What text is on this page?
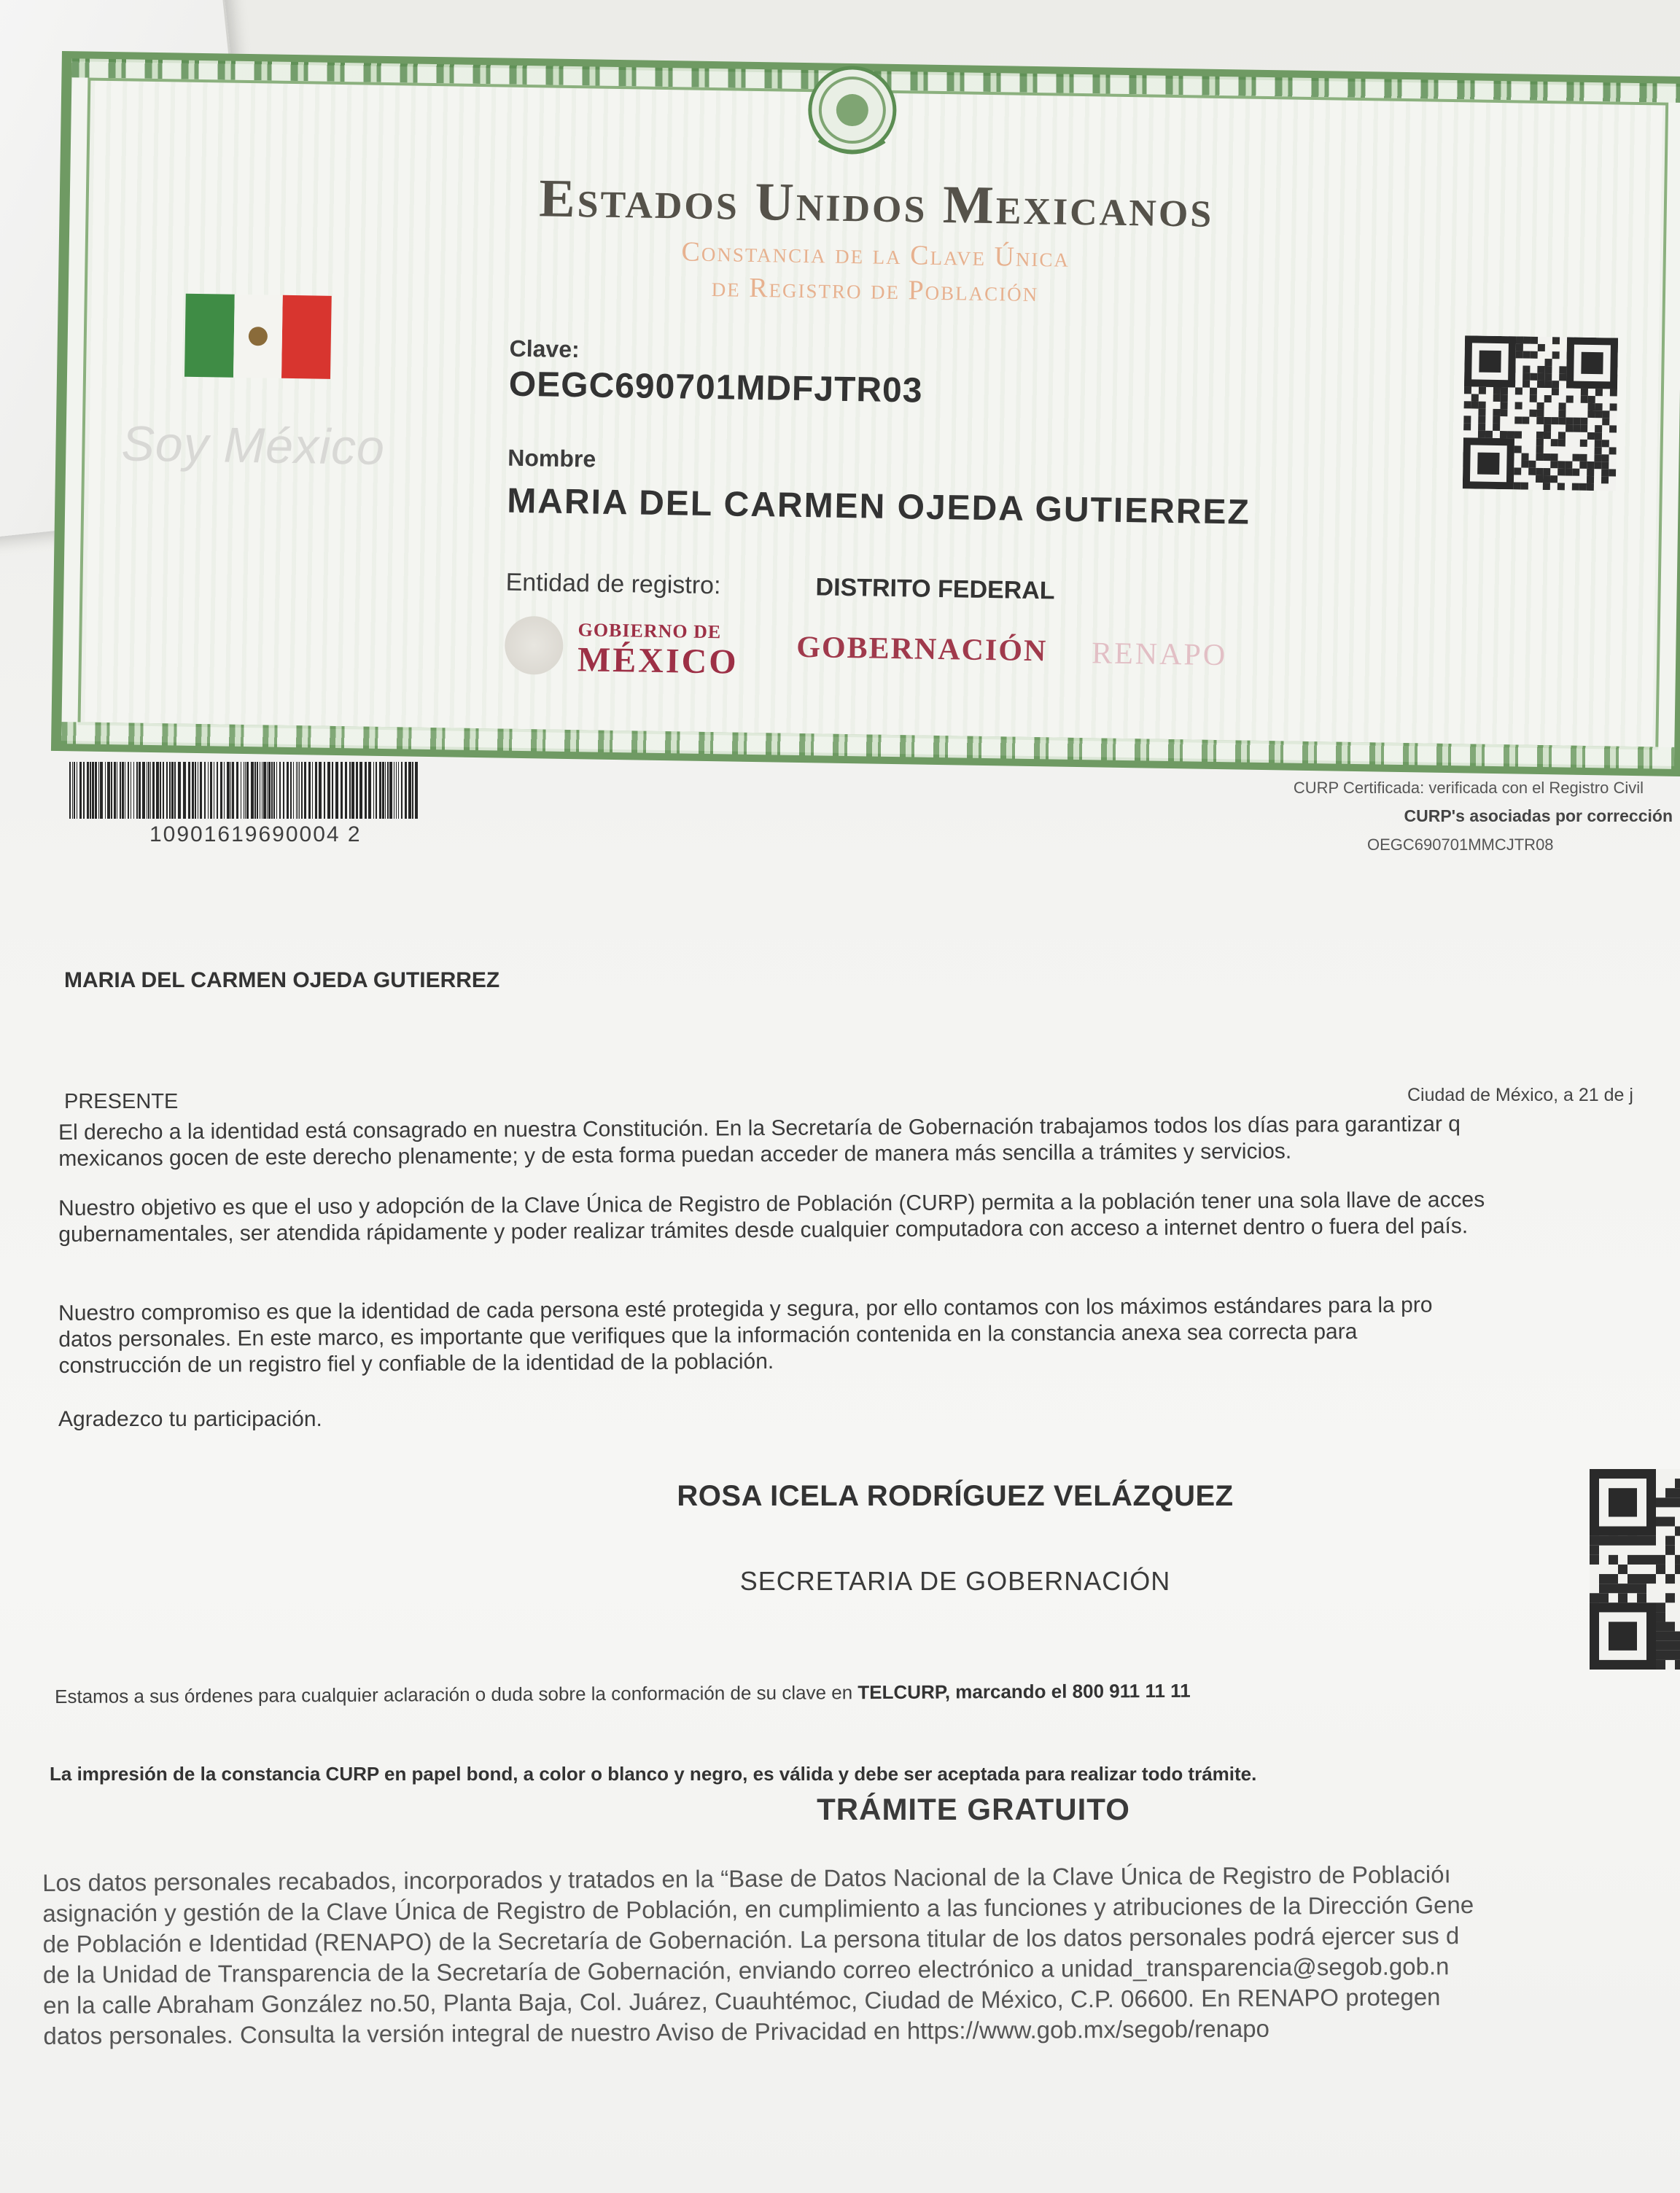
Estados Unidos Mexicanos
Constancia de la Clave Única
de Registro de Población
Soy México
Clave:
OEGC690701MDFJTR03
Nombre
MARIA DEL CARMEN OJEDA GUTIERREZ
Entidad de registro:	DISTRITO FEDERAL
GOBIERNO DE
MÉXICO GOBERNACIÓN RENAPO
10901619690004 2
CURP Certificada: verificada con el Registro Civil
CURP's asociadas por corrección
OEGC690701MMCJTR08
MARIA DEL CARMEN OJEDA GUTIERREZ
PRESENTE	Ciudad de México, a 21 de j
El derecho a la identidad está consagrado en nuestra Constitución. En la Secretaría de Gobernación trabajamos todos los días para garantizar q
mexicanos gocen de este derecho plenamente; y de esta forma puedan acceder de manera más sencilla a trámites y servicios.
Nuestro objetivo es que el uso y adopción de la Clave Única de Registro de Población (CURP) permita a la población tener una sola llave de acces
gubernamentales, ser atendida rápidamente y poder realizar trámites desde cualquier computadora con acceso a internet dentro o fuera del país.
Nuestro compromiso es que la identidad de cada persona esté protegida y segura, por ello contamos con los máximos estándares para la pro
datos personales. En este marco, es importante que verifiques que la información contenida en la constancia anexa sea correcta para
construcción de un registro fiel y confiable de la identidad de la población.
Agradezco tu participación.
ROSA ICELA RODRÍGUEZ VELÁZQUEZ
SECRETARIA DE GOBERNACIÓN
Estamos a sus órdenes para cualquier aclaración o duda sobre la conformación de su clave en TELCURP, marcando el 800 911 11 11
La impresión de la constancia CURP en papel bond, a color o blanco y negro, es válida y debe ser aceptada para realizar todo trámite.
TRÁMITE GRATUITO
Los datos personales recabados, incorporados y tratados en la “Base de Datos Nacional de la Clave Única de Registro de Poblacióı
asignación y gestión de la Clave Única de Registro de Población, en cumplimiento a las funciones y atribuciones de la Dirección Gene
de Población e Identidad (RENAPO) de la Secretaría de Gobernación. La persona titular de los datos personales podrá ejercer sus d
de la Unidad de Transparencia de la Secretaría de Gobernación, enviando correo electrónico a unidad_transparencia@segob.gob.n
en la calle Abraham González no.50, Planta Baja, Col. Juárez, Cuauhtémoc, Ciudad de México, C.P. 06600. En RENAPO protegen
datos personales. Consulta la versión integral de nuestro Aviso de Privacidad en https://www.gob.mx/segob/renapo
